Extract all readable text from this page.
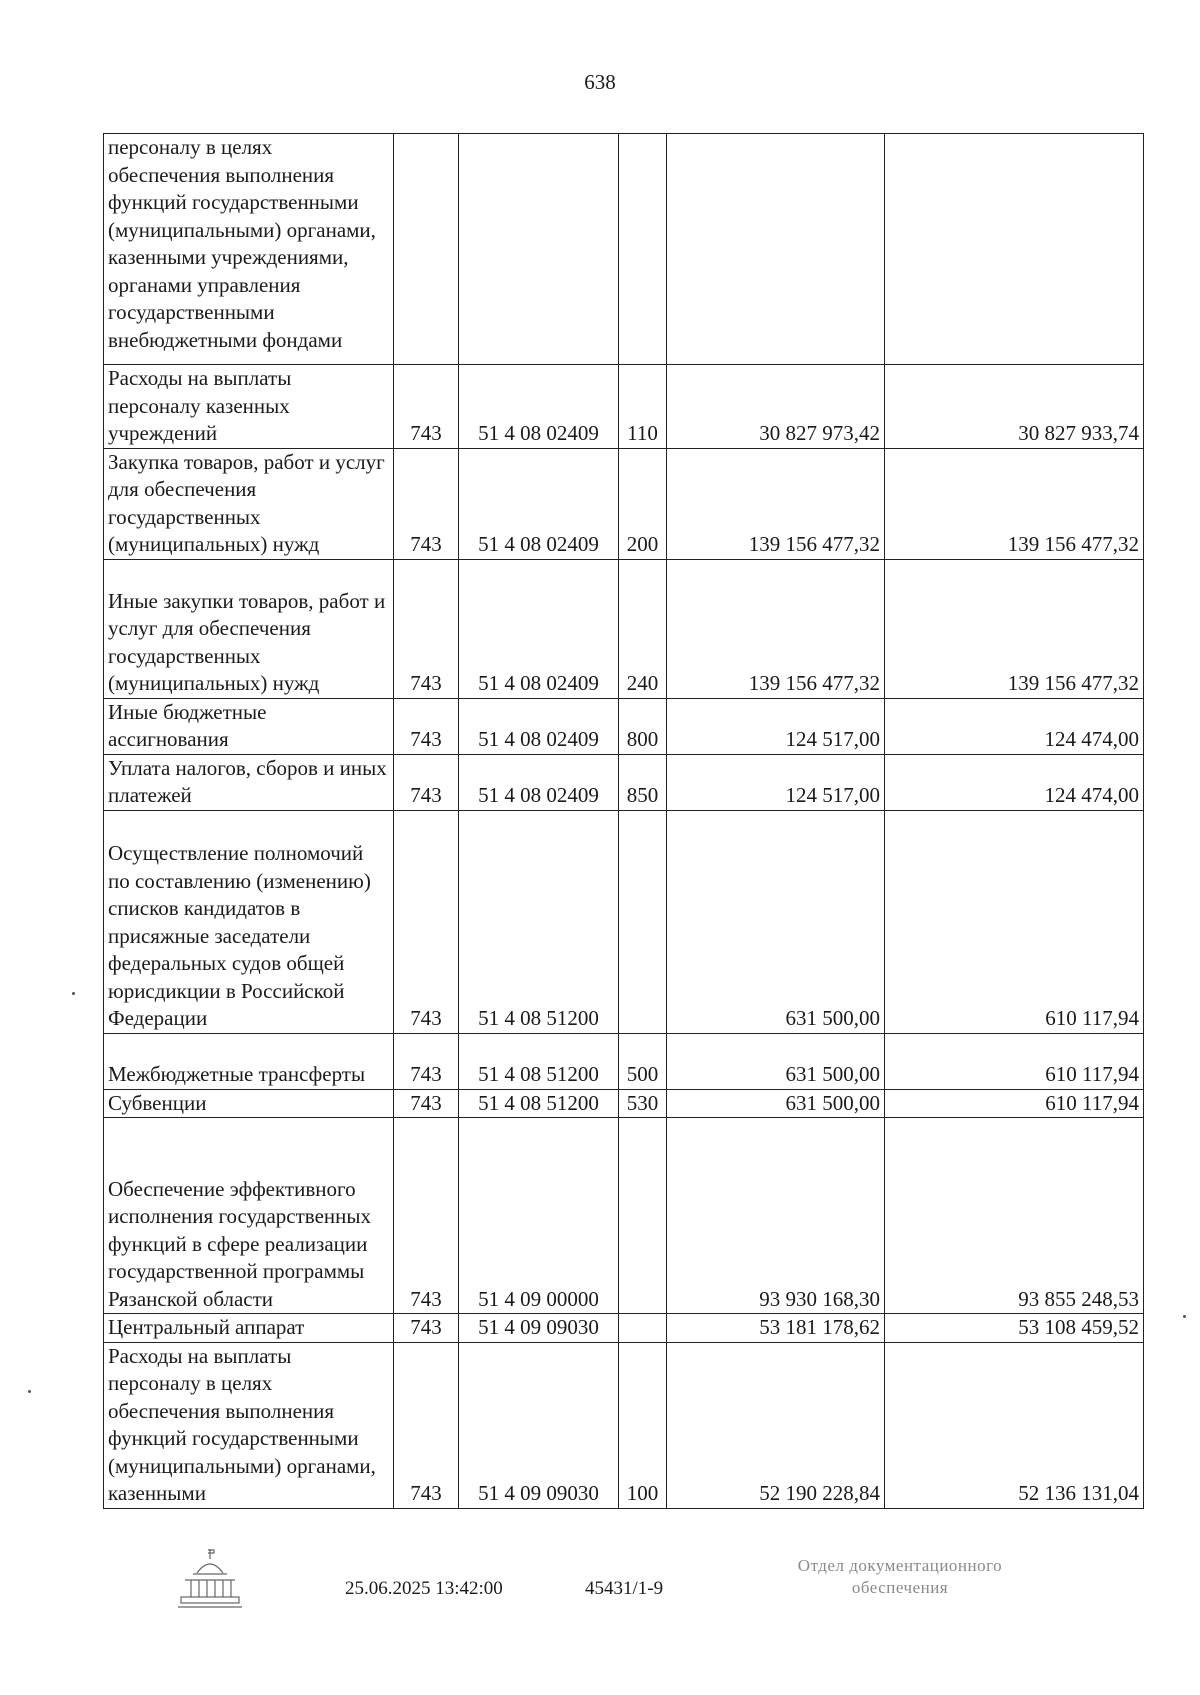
638
персоналу в целях обеспечения выполнения функций государственными (муниципальными) органами, казенными учреждениями, органами управления государственными внебюджетными фондами					
Расходы на выплаты персоналу казенных учреждений	743	51 4 08 02409	110	30 827 973,42	30 827 933,74
Закупка товаров, работ и услуг для обеспечения государственных (муниципальных) нужд	743	51 4 08 02409	200	139 156 477,32	139 156 477,32
Иные закупки товаров, работ и услуг для обеспечения государственных (муниципальных) нужд	743	51 4 08 02409	240	139 156 477,32	139 156 477,32
Иные бюджетные ассигнования	743	51 4 08 02409	800	124 517,00	124 474,00
Уплата налогов, сборов и иных платежей	743	51 4 08 02409	850	124 517,00	124 474,00
Осуществление полномочий по составлению (изменению) списков кандидатов в присяжные заседатели федеральных судов общей юрисдикции в Российской Федерации	743	51 4 08 51200		631 500,00	610 117,94
Межбюджетные трансферты	743	51 4 08 51200	500	631 500,00	610 117,94
Субвенции	743	51 4 08 51200	530	631 500,00	610 117,94
Обеспечение эффективного исполнения государственных функций в сфере реализации государственной программы Рязанской области	743	51 4 09 00000		93 930 168,30	93 855 248,53
Центральный аппарат	743	51 4 09 09030		53 181 178,62	53 108 459,52
Расходы на выплаты персоналу в целях обеспечения выполнения функций государственными (муниципальными) органами, казенными	743	51 4 09 09030	100	52 190 228,84	52 136 131,04
25.06.2025 13:42:00	45431/1-9
Отдел документационного
обеспечения
